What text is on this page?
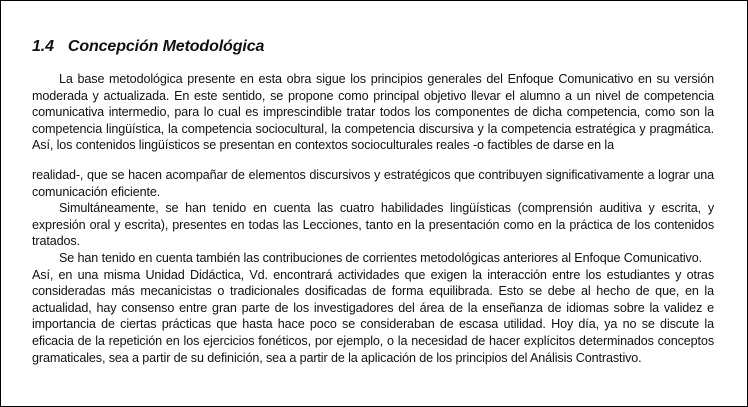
1.4 Concepción Metodológica

La base metodológica presente en esta obra sigue los principios generales del Enfoque Comunicativo en su versión moderada y actualizada. En este sentido, se propone como principal objetivo llevar el alumno a un nivel de competencia comunicativa intermedio, para lo cual es imprescindible tratar todos los componentes de dicha competencia, como son la competencia lingüística, la competencia sociocultural, la competencia discursiva y la competencia estratégica y pragmática. Así, los contenidos lingüísticos se presentan en contextos socioculturales reales -o factibles de darse en la

realidad-, que se hacen acompañar de elementos discursivos y estratégicos que contribuyen significativamente a lograr una comunicación eficiente.

Simultáneamente, se han tenido en cuenta las cuatro habilidades lingüísticas (comprensión auditiva y escrita, y expresión oral y escrita), presentes en todas las Lecciones, tanto en la presentación como en la práctica de los contenidos tratados.

Se han tenido en cuenta también las contribuciones de corrientes metodológicas anteriores al Enfoque Comunicativo.

Así, en una misma Unidad Didáctica, Vd. encontrará actividades que exigen la interacción entre los estudiantes y otras consideradas más mecanicistas o tradicionales dosificadas de forma equilibrada. Esto se debe al hecho de que, en la actualidad, hay consenso entre gran parte de los investigadores del área de la enseñanza de idiomas sobre la validez e importancia de ciertas prácticas que hasta hace poco se consideraban de escasa utilidad. Hoy día, ya no se discute la eficacia de la repetición en los ejercicios fonéticos, por ejemplo, o la necesidad de hacer explícitos determinados conceptos gramaticales, sea a partir de su definición, sea a partir de la aplicación de los principios del Análisis Contrastivo.
